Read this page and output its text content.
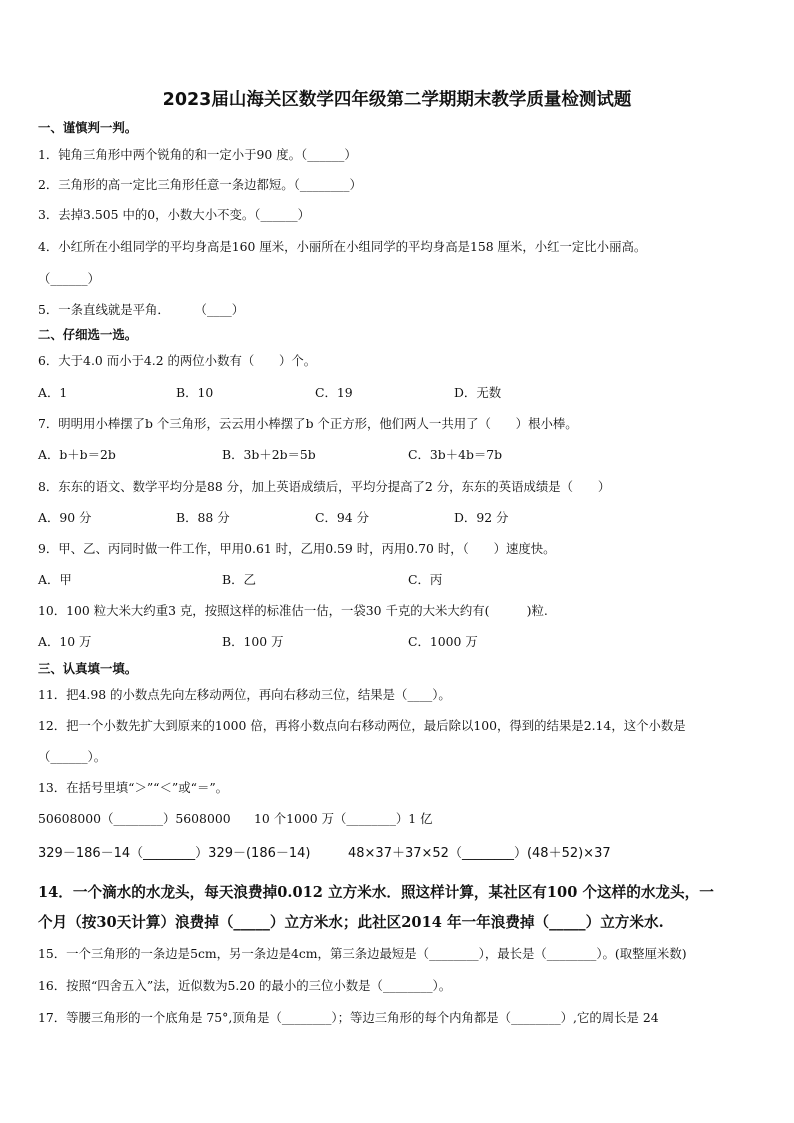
2023届山海关区数学四年级第二学期期末教学质量检测试题
一、谨慎判一判。
1．钝角三角形中两个锐角的和一定小于90 度。（______）
2．三角形的高一定比三角形任意一条边都短。（________）
3．去掉3.505 中的0，小数大小不变。（______）
4．小红所在小组同学的平均身高是160 厘米，小丽所在小组同学的平均身高是158 厘米，小红一定比小丽高。
（______）
5．一条直线就是平角．　　　（____）
二、仔细选一选。
6．大于4.0 而小于4.2 的两位小数有（　　）个。
A．1	B．10	C．19	D．无数
7．明明用小棒摆了b 个三角形，云云用小棒摆了b 个正方形，他们两人一共用了（　　）根小棒。
A．b＋b＝2b	B．3b＋2b＝5b	C．3b＋4b＝7b
8．东东的语文、数学平均分是88 分，加上英语成绩后，平均分提高了2 分，东东的英语成绩是（　　）
A．90 分	B．88 分	C．94 分	D．92 分
9．甲、乙、丙同时做一件工作，甲用0.61 时，乙用0.59 时，丙用0.70 时，（　　）速度快。
A．甲	B．乙	C．丙
10．100 粒大米大约重3 克，按照这样的标准估一估，一袋30 千克的大米大约有(　　　)粒.
A．10 万	B．100 万	C．1000 万
三、认真填一填。
11．把4.98 的小数点先向左移动两位，再向右移动三位，结果是（____）。
12．把一个小数先扩大到原来的1000 倍，再将小数点向右移动两位，最后除以100，得到的结果是2.14，这个小数是
（______）。
13．在括号里填“＞”“＜”或“＝”。
50608000（________）5608000 10 个1000 万（________）1 亿
329－186－14（________）329－(186－14)	48×37＋37×52（________）(48＋52)×37
14．一个滴水的水龙头，每天浪费掉0.012 立方米水．照这样计算，某社区有100 个这样的水龙头，一
个月（按30天计算）浪费掉（_____）立方米水；此社区2014 年一年浪费掉（_____）立方米水.
15．一个三角形的一条边是5cm，另一条边是4cm，第三条边最短是（________），最长是（________）。(取整厘米数)
16．按照“四舍五入”法，近似数为5.20 的最小的三位小数是（________）。
17．等腰三角形的一个底角是 75°,顶角是（________）；等边三角形的每个内角都是（________）,它的周长是 24
